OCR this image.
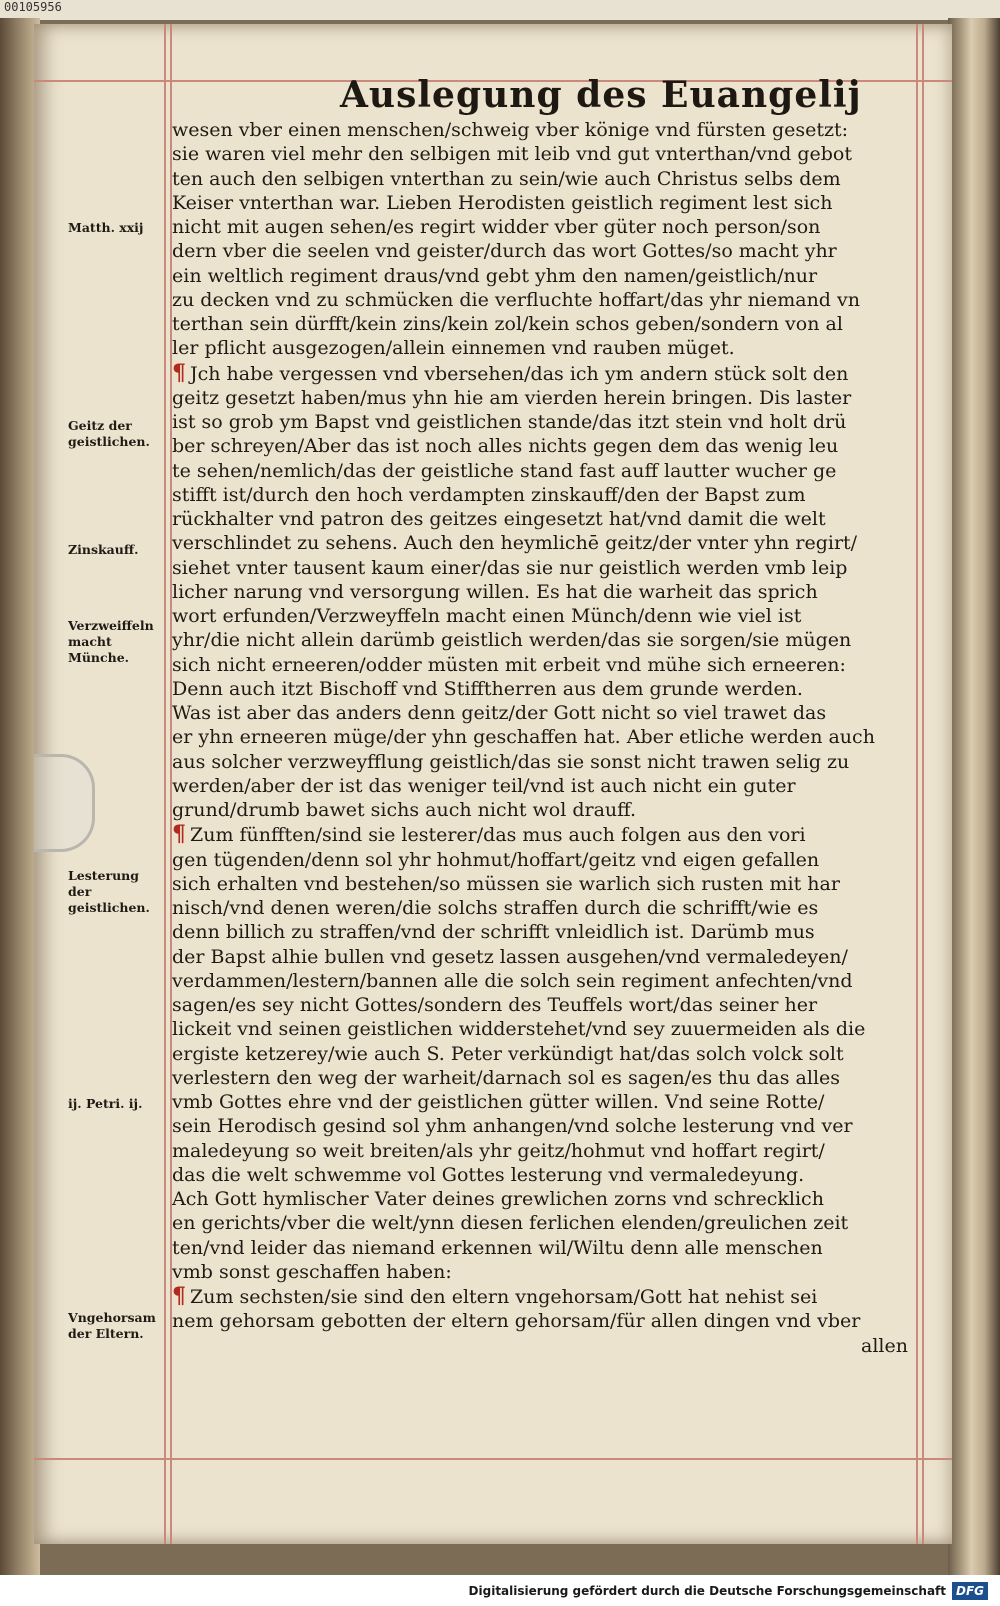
00105956
Auslegung des Euangelij
Matth. xxij
Geitz der geistlichen.
Zinskauff.
Verzweiffeln macht Münche.
Lesterung der geistlichen.
ij. Petri. ij.
Vngehorsam der Eltern.
wesen vber einen menschen/schweig vber könige vnd fürsten gesetzt:
sie waren viel mehr den selbigen mit leib vnd gut vnterthan/vnd gebot
ten auch den selbigen vnterthan zu sein/wie auch Christus selbs dem
Keiser vnterthan war. Lieben Herodisten geistlich regiment lest sich
nicht mit augen sehen/es regirt widder vber güter noch person/son
dern vber die seelen vnd geister/durch das wort Gottes/so macht yhr
ein weltlich regiment draus/vnd gebt yhm den namen/geistlich/nur
zu decken vnd zu schmücken die verfluchte hoffart/das yhr niemand vn
terthan sein dürfft/kein zins/kein zol/kein schos geben/sondern von al
ler pflicht ausgezogen/allein einnemen vnd rauben müget.
¶ Jch habe vergessen vnd vbersehen/das ich ym andern stück solt den
geitz gesetzt haben/mus yhn hie am vierden herein bringen. Dis laster
ist so grob ym Bapst vnd geistlichen stande/das itzt stein vnd holt drü
ber schreyen/Aber das ist noch alles nichts gegen dem das wenig leu
te sehen/nemlich/das der geistliche stand fast auff lautter wucher ge
stifft ist/durch den hoch verdampten zinskauff/den der Bapst zum
rückhalter vnd patron des geitzes eingesetzt hat/vnd damit die welt
verschlindet zu sehens. Auch den heymlichē geitz/der vnter yhn regirt/
siehet vnter tausent kaum einer/das sie nur geistlich werden vmb leip
licher narung vnd versorgung willen. Es hat die warheit das sprich
wort erfunden/Verzweyffeln macht einen Münch/denn wie viel ist
yhr/die nicht allein darümb geistlich werden/das sie sorgen/sie mügen
sich nicht erneeren/odder müsten mit erbeit vnd mühe sich erneeren:
Denn auch itzt Bischoff vnd Stifftherren aus dem grunde werden.
Was ist aber das anders denn geitz/der Gott nicht so viel trawet das
er yhn erneeren müge/der yhn geschaffen hat. Aber etliche werden auch
aus solcher verzweyfflung geistlich/das sie sonst nicht trawen selig zu
werden/aber der ist das weniger teil/vnd ist auch nicht ein guter
grund/drumb bawet sichs auch nicht wol drauff.
¶ Zum fünfften/sind sie lesterer/das mus auch folgen aus den vori
gen tügenden/denn sol yhr hohmut/hoffart/geitz vnd eigen gefallen
sich erhalten vnd bestehen/so müssen sie warlich sich rusten mit har
nisch/vnd denen weren/die solchs straffen durch die schrifft/wie es
denn billich zu straffen/vnd der schrifft vnleidlich ist. Darümb mus
der Bapst alhie bullen vnd gesetz lassen ausgehen/vnd vermaledeyen/
verdammen/lestern/bannen alle die solch sein regiment anfechten/vnd
sagen/es sey nicht Gottes/sondern des Teuffels wort/das seiner her
lickeit vnd seinen geistlichen widderstehet/vnd sey zuuermeiden als die
ergiste ketzerey/wie auch S. Peter verkündigt hat/das solch volck solt
verlestern den weg der warheit/darnach sol es sagen/es thu das alles
vmb Gottes ehre vnd der geistlichen gütter willen. Vnd seine Rotte/
sein Herodisch gesind sol yhm anhangen/vnd solche lesterung vnd ver
maledeyung so weit breiten/als yhr geitz/hohmut vnd hoffart regirt/
das die welt schwemme vol Gottes lesterung vnd vermaledeyung.
Ach Gott hymlischer Vater deines grewlichen zorns vnd schrecklich
en gerichts/vber die welt/ynn diesen ferlichen elenden/greulichen zeit
ten/vnd leider das niemand erkennen wil/Wiltu denn alle menschen
vmb sonst geschaffen haben:
¶ Zum sechsten/sie sind den eltern vngehorsam/Gott hat nehist sei
nem gehorsam gebotten der eltern gehorsam/für allen dingen vnd vber
allen
Digitalisierung gefördert durch die Deutsche Forschungsgemeinschaft DFG
